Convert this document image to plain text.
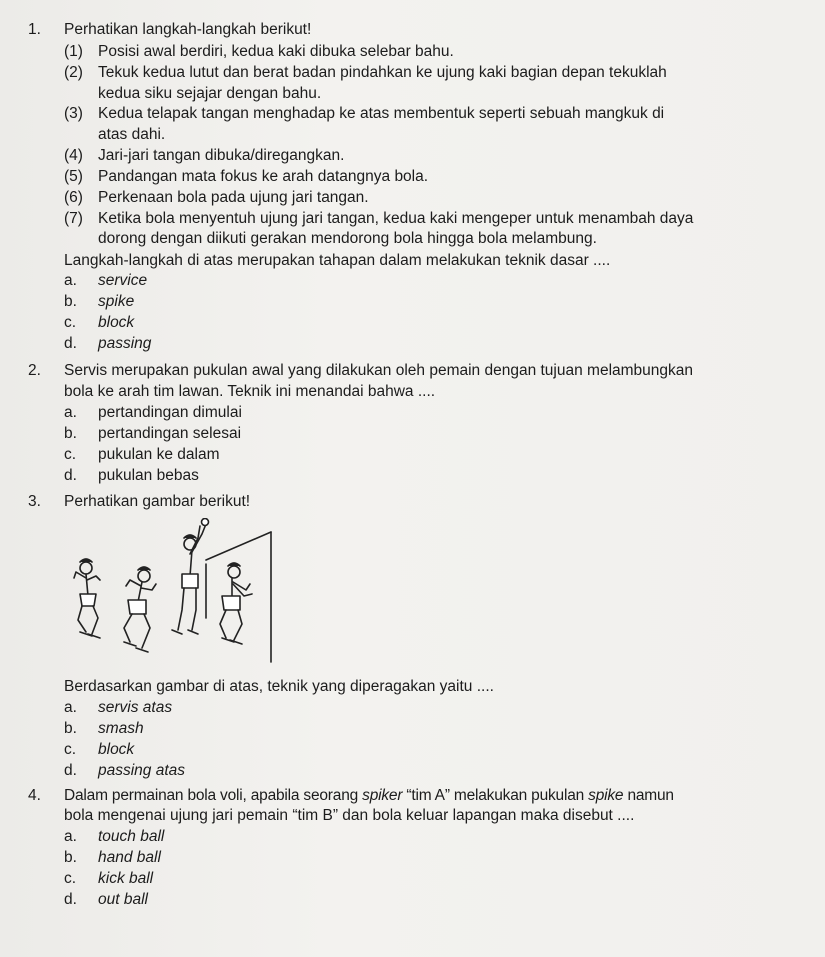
1. Perhatikan langkah-langkah berikut!
(1) Posisi awal berdiri, kedua kaki dibuka selebar bahu.
(2) Tekuk kedua lutut dan berat badan pindahkan ke ujung kaki bagian depan tekuklah
kedua siku sejajar dengan bahu.
(3) Kedua telapak tangan menghadap ke atas membentuk seperti sebuah mangkuk di
atas dahi.
(4) Jari-jari tangan dibuka/diregangkan.
(5) Pandangan mata fokus ke arah datangnya bola.
(6) Perkenaan bola pada ujung jari tangan.
(7) Ketika bola menyentuh ujung jari tangan, kedua kaki mengeper untuk menambah daya
dorong dengan diikuti gerakan mendorong bola hingga bola melambung.
Langkah-langkah di atas merupakan tahapan dalam melakukan teknik dasar ....
a. service
b. spike
c. block
d. passing
2. Servis merupakan pukulan awal yang dilakukan oleh pemain dengan tujuan melambungkan
bola ke arah tim lawan. Teknik ini menandai bahwa ....
a. pertandingan dimulai
b. pertandingan selesai
c. pukulan ke dalam
d. pukulan bebas
3. Perhatikan gambar berikut!
Berdasarkan gambar di atas, teknik yang diperagakan yaitu ....
a. servis atas
b. smash
c. block
d. passing atas
4. Dalam permainan bola voli, apabila seorang spiker “tim A” melakukan pukulan spike namun
bola mengenai ujung jari pemain “tim B” dan bola keluar lapangan maka disebut ....
a. touch ball
b. hand ball
c. kick ball
d. out ball
